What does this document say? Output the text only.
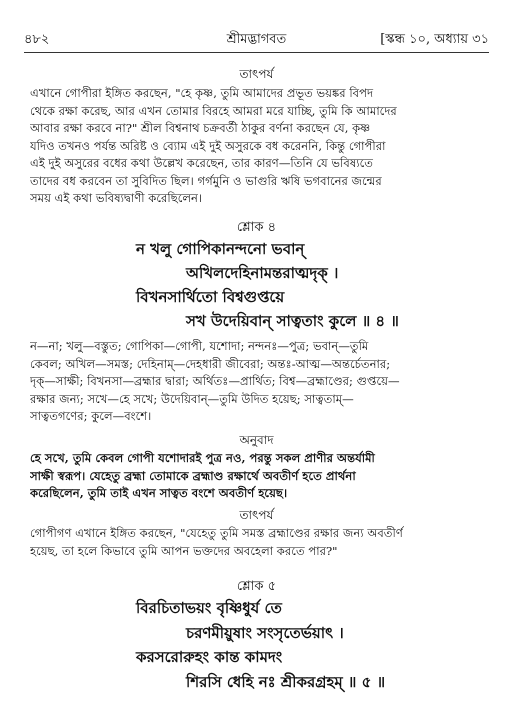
৪৮২	শ্রীমদ্ভাগবত	[স্কন্ধ ১০, অধ্যায় ৩১
তাৎপর্য
এখানে গোপীরা ইঙ্গিত করছেন, "হে কৃষ্ণ, তুমি আমাদের প্রভূত ভয়ঙ্কর বিপদ
থেকে রক্ষা করেছ, আর এখন তোমার বিরহে আমরা মরে যাচ্ছি, তুমি কি আমাদের
আবার রক্ষা করবে না?" শ্রীল বিশ্বনাথ চক্রবর্তী ঠাকুর বর্ণনা করছেন যে, কৃষ্ণ
যদিও তখনও পর্যন্ত অরিষ্ট ও ব্যোম এই দুই অসুরকে বধ করেননি, কিন্তু গোপীরা
এই দুই অসুরের বধের কথা উল্লেখ করেছেন, তার কারণ—তিনি যে ভবিষ্যতে
তাদের বধ করবেন তা সুবিদিত ছিল। গর্গমুনি ও ভাগুরি ঋষি ভগবানের জন্মের
সময় এই কথা ভবিষ্যদ্বাণী করেছিলেন।
শ্লোক ৪
ন খলু গোপিকানন্দনো ভবান্
অখিলদেহিনামন্তরাত্মদৃক্ ।
বিখনসার্থিতো বিশ্বগুপ্তয়ে
সখ উদেয়িবান্ সাত্বতাং কুলে ॥ ৪ ॥
ন—না; খলু—বস্তুত; গোপিকা—গোপী, যশোদা; নন্দনঃ—পুত্র; ভবান্—তুমি
কেবল; অখিল—সমস্ত; দেহিনাম্—দেহধারী জীবেরা; অন্তঃ-আত্ম—অন্তর্চেতনার;
দৃক্—সাক্ষী; বিখনসা—ব্রহ্মার দ্বারা; অর্থিতঃ—প্রার্থিত; বিশ্ব—ব্রহ্মাণ্ডের; গুপ্তয়ে—
রক্ষার জন্য; সখে—হে সখে; উদেয়িবান্—তুমি উদিত হয়েছ; সাত্বতাম্—
সাত্বতগণের; কুলে—বংশে।
অনুবাদ
হে সখে, তুমি কেবল গোপী যশোদারই পুত্র নও, পরন্তু সকল প্রাণীর অন্তর্যামী
সাক্ষী স্বরূপ। যেহেতু ব্রহ্মা তোমাকে ব্রহ্মাণ্ড রক্ষার্থে অবতীর্ণ হতে প্রার্থনা
করেছিলেন, তুমি তাই এখন সাত্বত বংশে অবতীর্ণ হয়েছ।
তাৎপর্য
গোপীগণ এখানে ইঙ্গিত করছেন, "যেহেতু তুমি সমস্ত ব্রহ্মাণ্ডের রক্ষার জন্য অবতীর্ণ
হয়েছ, তা হলে কিভাবে তুমি আপন ভক্তদের অবহেলা করতে পার?"
শ্লোক ৫
বিরচিতাভয়ং বৃষ্ণিধুর্য তে
চরণমীয়ুষাং সংসৃতের্ভয়াৎ ।
করসরোরুহং কান্ত কামদং
শিরসি ধেহি নঃ শ্রীকরগ্রহম্ ॥ ৫ ॥
